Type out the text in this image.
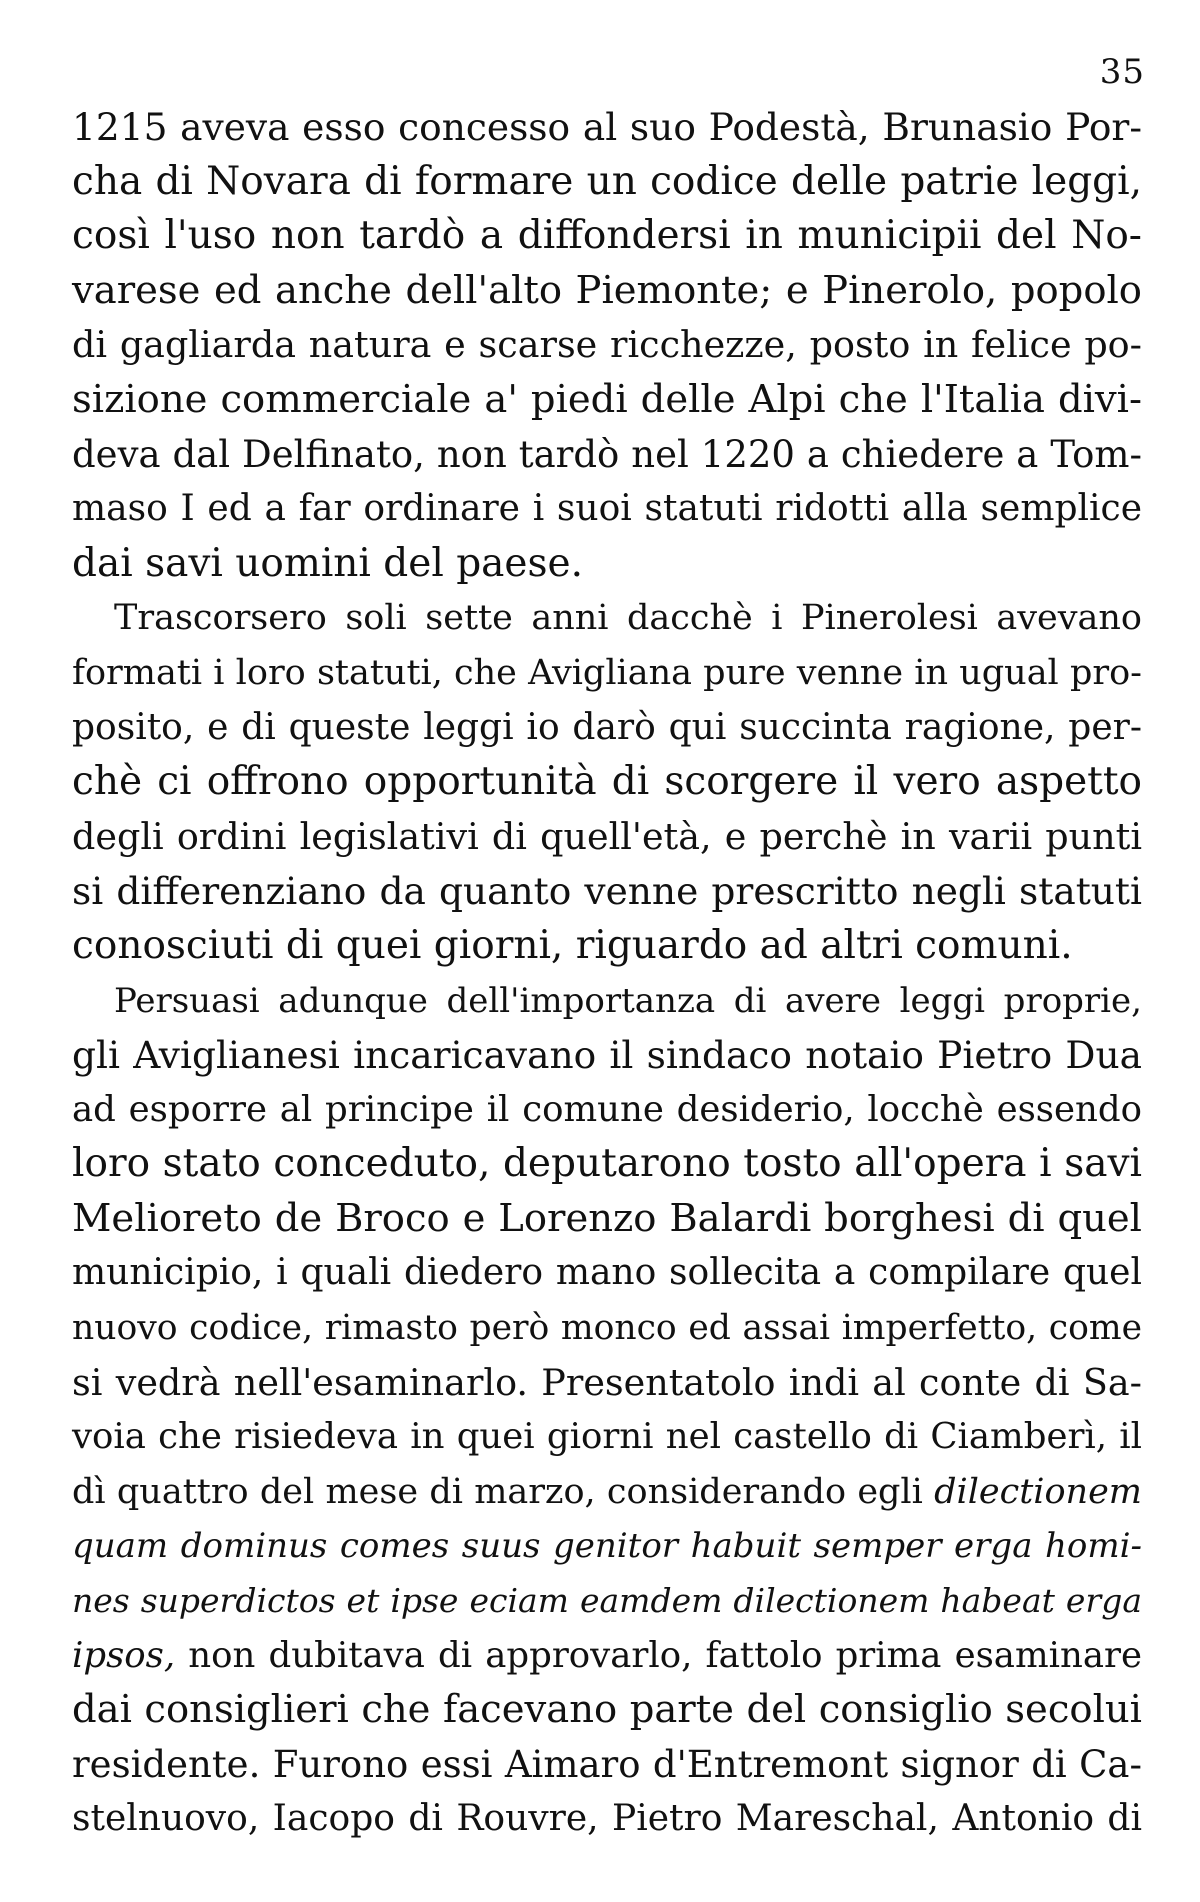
35
1215 aveva esso concesso al suo Podestà, Brunasio Por-
cha di Novara di formare un codice delle patrie leggi,
così l'uso non tardò a diffondersi in municipii del No-
varese ed anche dell'alto Piemonte; e Pinerolo, popolo
di gagliarda natura e scarse ricchezze, posto in felice po-
sizione commerciale a' piedi delle Alpi che l'Italia divi-
deva dal Delfinato, non tardò nel 1220 a chiedere a Tom-
maso I ed a far ordinare i suoi statuti ridotti alla semplice
dai savi uomini del paese.
Trascorsero soli sette anni dacchè i Pinerolesi avevano
formati i loro statuti, che Avigliana pure venne in ugual pro-
posito, e di queste leggi io darò qui succinta ragione, per-
chè ci offrono opportunità di scorgere il vero aspetto
degli ordini legislativi di quell'età, e perchè in varii punti
si differenziano da quanto venne prescritto negli statuti
conosciuti di quei giorni, riguardo ad altri comuni.
Persuasi adunque dell'importanza di avere leggi proprie,
gli Aviglianesi incaricavano il sindaco notaio Pietro Dua
ad esporre al principe il comune desiderio, locchè essendo
loro stato conceduto, deputarono tosto all'opera i savi
Melioreto de Broco e Lorenzo Balardi borghesi di quel
municipio, i quali diedero mano sollecita a compilare quel
nuovo codice, rimasto però monco ed assai imperfetto, come
si vedrà nell'esaminarlo. Presentatolo indi al conte di Sa-
voia che risiedeva in quei giorni nel castello di Ciamberì, il
dì quattro del mese di marzo, considerando egli dilectionem
quam dominus comes suus genitor habuit semper erga homi-
nes superdictos et ipse eciam eamdem dilectionem habeat erga
ipsos, non dubitava di approvarlo, fattolo prima esaminare
dai consiglieri che facevano parte del consiglio secolui
residente. Furono essi Aimaro d'Entremont signor di Ca-
stelnuovo, Iacopo di Rouvre, Pietro Mareschal, Antonio di
